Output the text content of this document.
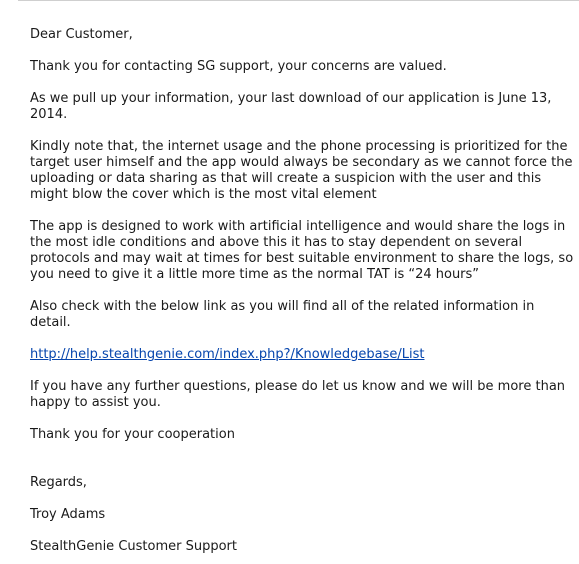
Dear Customer,

Thank you for contacting SG support, your concerns are valued.

As we pull up your information, your last download of our application is June 13, 2014.

Kindly note that, the internet usage and the phone processing is prioritized for the target user himself and the app would always be secondary as we cannot force the uploading or data sharing as that will create a suspicion with the user and this might blow the cover which is the most vital element

The app is designed to work with artificial intelligence and would share the logs in the most idle conditions and above this it has to stay dependent on several protocols and may wait at times for best suitable environment to share the logs, so you need to give it a little more time as the normal TAT is “24 hours”

Also check with the below link as you will find all of the related information in detail.

http://help.stealthgenie.com/index.php?/Knowledgebase/List

If you have any further questions, please do let us know and we will be more than happy to assist you.

Thank you for your cooperation

Regards,

Troy Adams

StealthGenie Customer Support
